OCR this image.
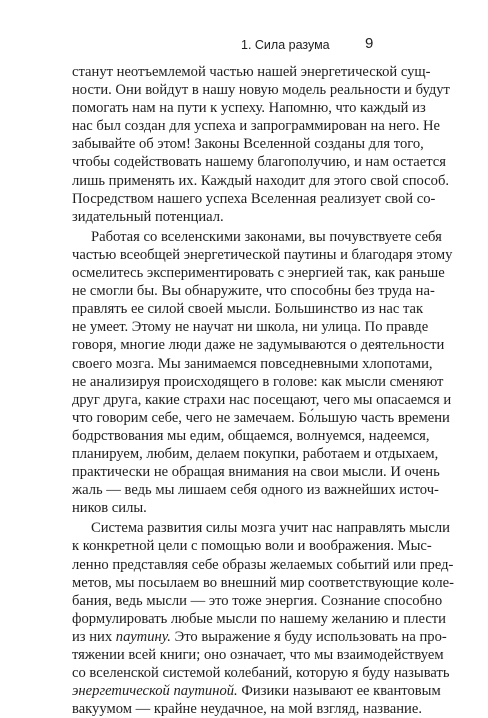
1. Сила разума	9
станут неотъемлемой частью нашей энергетической сущ-
ности. Они войдут в нашу новую модель реальности и будут
помогать нам на пути к успеху. Напомню, что каждый из
нас был создан для успеха и запрограммирован на него. Не
забывайте об этом! Законы Вселенной созданы для того,
чтобы содействовать нашему благополучию, и нам остается
лишь применять их. Каждый находит для этого свой способ.
Посредством нашего успеха Вселенная реализует свой со-
зидательный потенциал.
Работая со вселенскими законами, вы почувствуете себя
частью всеобщей энергетической паутины и благодаря этому
осмелитесь экспериментировать с энергией так, как раньше
не смогли бы. Вы обнаружите, что способны без труда на-
правлять ее силой своей мысли. Большинство из нас так
не умеет. Этому не научат ни школа, ни улица. По правде
говоря, многие люди даже не задумываются о деятельности
своего мозга. Мы занимаемся повседневными хлопотами,
не анализируя происходящего в голове: как мысли сменяют
друг друга, какие страхи нас посещают, чего мы опасаемся и
что говорим себе, чего не замечаем. Бо́льшую часть времени
бодрствования мы едим, общаемся, волнуемся, надеемся,
планируем, любим, делаем покупки, работаем и отдыхаем,
практически не обращая внимания на свои мысли. И очень
жаль — ведь мы лишаем себя одного из важнейших источ-
ников силы.
Система развития силы мозга учит нас направлять мысли
к конкретной цели с помощью воли и воображения. Мыс-
ленно представляя себе образы желаемых событий или пред-
метов, мы посылаем во внешний мир соответствующие коле-
бания, ведь мысли — это тоже энергия. Сознание способно
формулировать любые мысли по нашему желанию и плести
из них паутину. Это выражение я буду использовать на про-
тяжении всей книги; оно означает, что мы взаимодействуем
со вселенской системой колебаний, которую я буду называть
энергетической паутиной. Физики называют ее квантовым
вакуумом — крайне неудачное, на мой взгляд, название.
